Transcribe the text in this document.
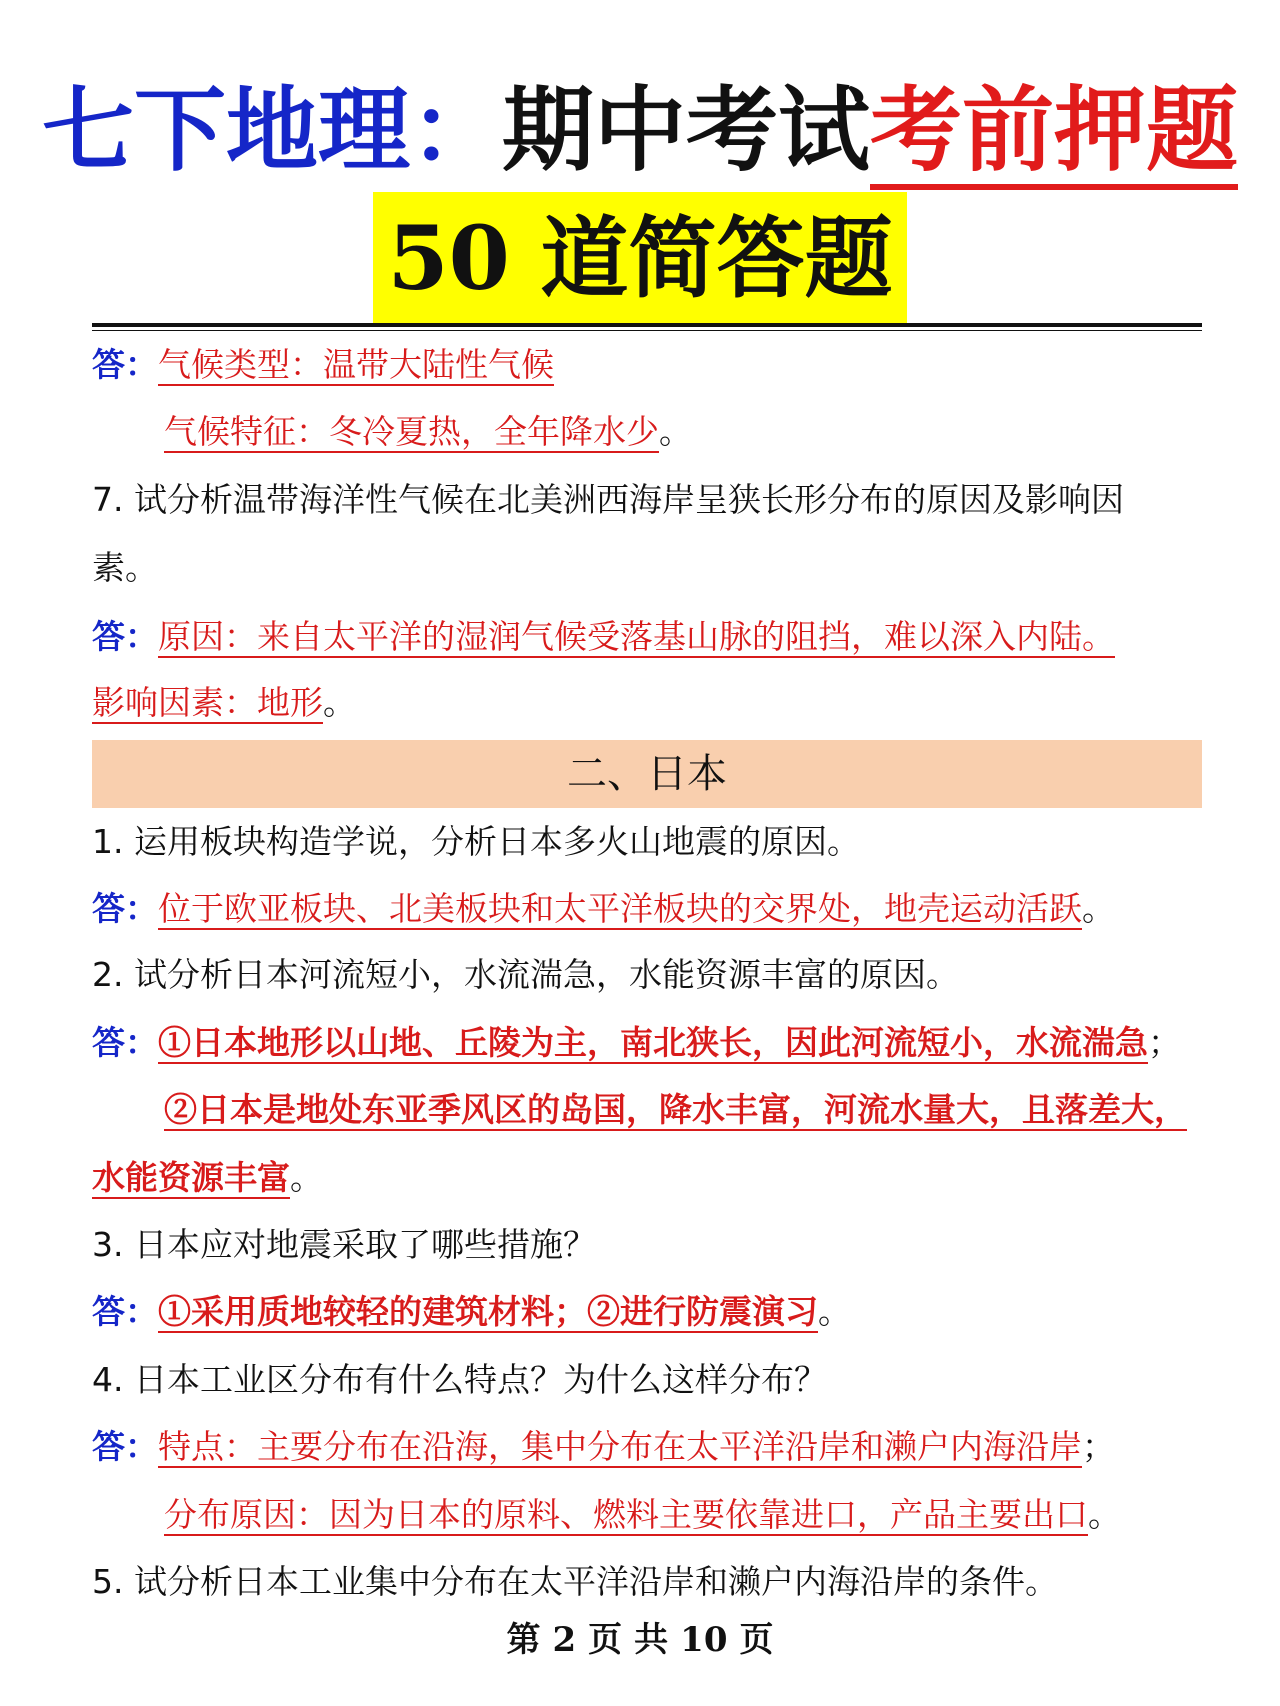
七下地理：期中考试考前押题
50 道简答题
答：气候类型：温带大陆性气候
气候特征：冬冷夏热，全年降水少。
7. 试分析温带海洋性气候在北美洲西海岸呈狭长形分布的原因及影响因
素。
答：原因：来自太平洋的湿润气候受落基山脉的阻挡，难以深入内陆。
影响因素：地形。
二、日本
1. 运用板块构造学说，分析日本多火山地震的原因。
答：位于欧亚板块、北美板块和太平洋板块的交界处，地壳运动活跃。
2. 试分析日本河流短小，水流湍急，水能资源丰富的原因。
答：①日本地形以山地、丘陵为主，南北狭长，因此河流短小，水流湍急；
②日本是地处东亚季风区的岛国，降水丰富，河流水量大，且落差大，
水能资源丰富。
3. 日本应对地震采取了哪些措施？
答：①采用质地较轻的建筑材料；②进行防震演习。
4. 日本工业区分布有什么特点？为什么这样分布？
答：特点：主要分布在沿海，集中分布在太平洋沿岸和濑户内海沿岸；
分布原因：因为日本的原料、燃料主要依靠进口，产品主要出口。
5. 试分析日本工业集中分布在太平洋沿岸和濑户内海沿岸的条件。
第 2 页 共 10 页
